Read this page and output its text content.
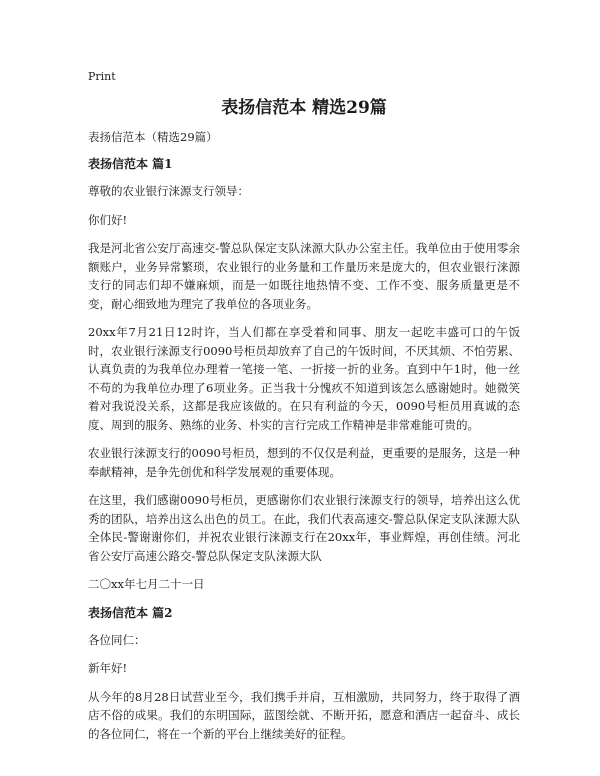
Print
表扬信范本 精选29篇
表扬信范本（精选29篇）
表扬信范本 篇1
尊敬的农业银行涞源支行领导：
你们好!
我是河北省公安厅高速交-警总队保定支队涞源大队办公室主任。我单位由于使用零余额账户，业务异常繁琐，农业银行的业务量和工作量历来是庞大的，但农业银行涞源支行的同志们却不嫌麻烦，而是一如既往地热情不变、工作不变、服务质量更是不变，耐心细致地为理完了我单位的各项业务。
20xx年7月21日12时许，当人们都在享受着和同事、朋友一起吃丰盛可口的午饭时，农业银行涞源支行0090号柜员却放弃了自己的午饭时间，不厌其烦、不怕劳累、认真负责的为我单位办理着一笔接一笔、一折接一折的业务。直到中午1时，他一丝不苟的为我单位办理了6项业务。正当我十分愧疚不知道到该怎么感谢她时。她微笑着对我说没关系，这都是我应该做的。在只有利益的今天，0090号柜员用真诚的态度、周到的服务、熟练的业务、朴实的言行完成工作精神是非常难能可贵的。
农业银行涞源支行的0090号柜员，想到的不仅仅是利益，更重要的是服务，这是一种奉献精神，是争先创优和科学发展观的重要体现。
在这里，我们感谢0090号柜员，更感谢你们农业银行涞源支行的领导，培养出这么优秀的团队，培养出这么出色的员工。在此，我们代表高速交-警总队保定支队涞源大队全体民-警谢谢你们，并祝农业银行涞源支行在20xx年，事业辉煌，再创佳绩。河北省公安厅高速公路交-警总队保定支队涞源大队
二〇xx年七月二十一日
表扬信范本 篇2
各位同仁：
新年好!
从今年的8月28日试营业至今，我们携手并肩，互相激励，共同努力，终于取得了酒店不俗的成果。我们的东明国际，蓝图绘就、不断开拓，愿意和酒店一起奋斗、成长的各位同仁，将在一个新的平台上继续美好的征程。
